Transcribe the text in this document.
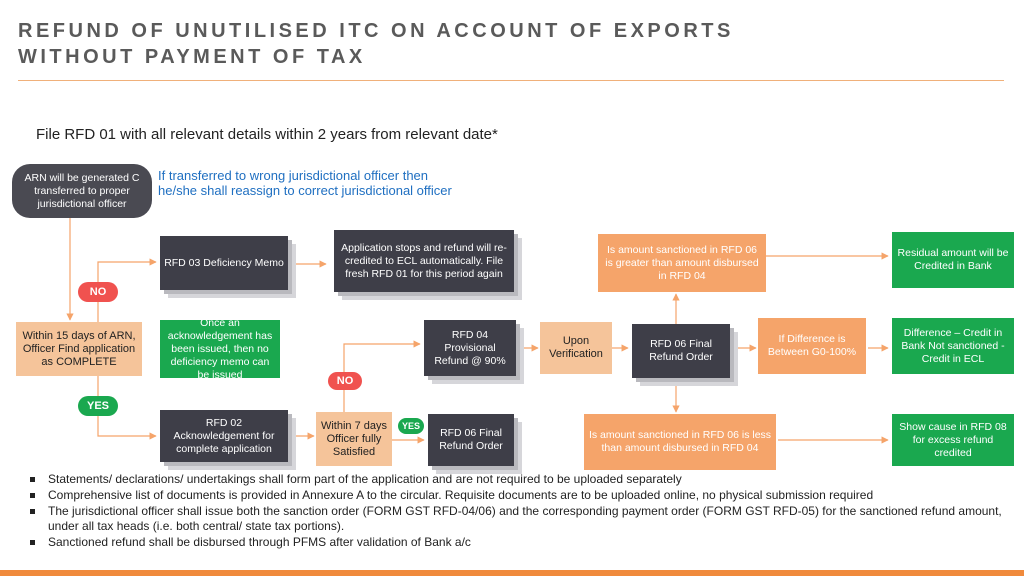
REFUND OF UNUTILISED ITC ON ACCOUNT OF EXPORTS
WITHOUT PAYMENT OF TAX
File RFD 01 with all relevant details within 2 years from relevant date*
ARN will be generated C transferred to proper jurisdictional officer
If transferred to wrong jurisdictional officer then
he/she shall reassign to correct jurisdictional officer
NO
Within 15 days of ARN, Officer Find application as COMPLETE
YES
RFD 03 Deficiency Memo
Application stops and refund will re-credited to ECL automatically. File fresh RFD 01 for this period again
Once an acknowledgement has been issued, then no deficiency memo can be issued
RFD 02 Acknowledgement for complete application
NO
Within 7 days Officer fully Satisfied
YES
RFD 04 Provisional Refund @ 90%
RFD 06 Final Refund Order
Upon Verification
RFD 06 Final Refund Order
Is amount sanctioned in RFD 06 is greater than amount disbursed in RFD 04
If Difference is Between G0-100%
Is amount sanctioned in RFD 06 is less than amount disbursed in RFD 04
Residual amount will be Credited in Bank
Difference – Credit in Bank Not sanctioned - Credit in ECL
Show cause in RFD 08 for excess refund credited
Statements/ declarations/ undertakings shall form part of the application and are not required to be uploaded separately
Comprehensive list of documents is provided in Annexure A to the circular. Requisite documents are to be uploaded online, no physical submission required
The jurisdictional officer shall issue both the sanction order (FORM GST RFD-04/06) and the corresponding payment order (FORM GST RFD-05) for the sanctioned refund amount, under all tax heads (i.e. both central/ state tax portions).
Sanctioned refund shall be disbursed through PFMS after validation of Bank a/c
